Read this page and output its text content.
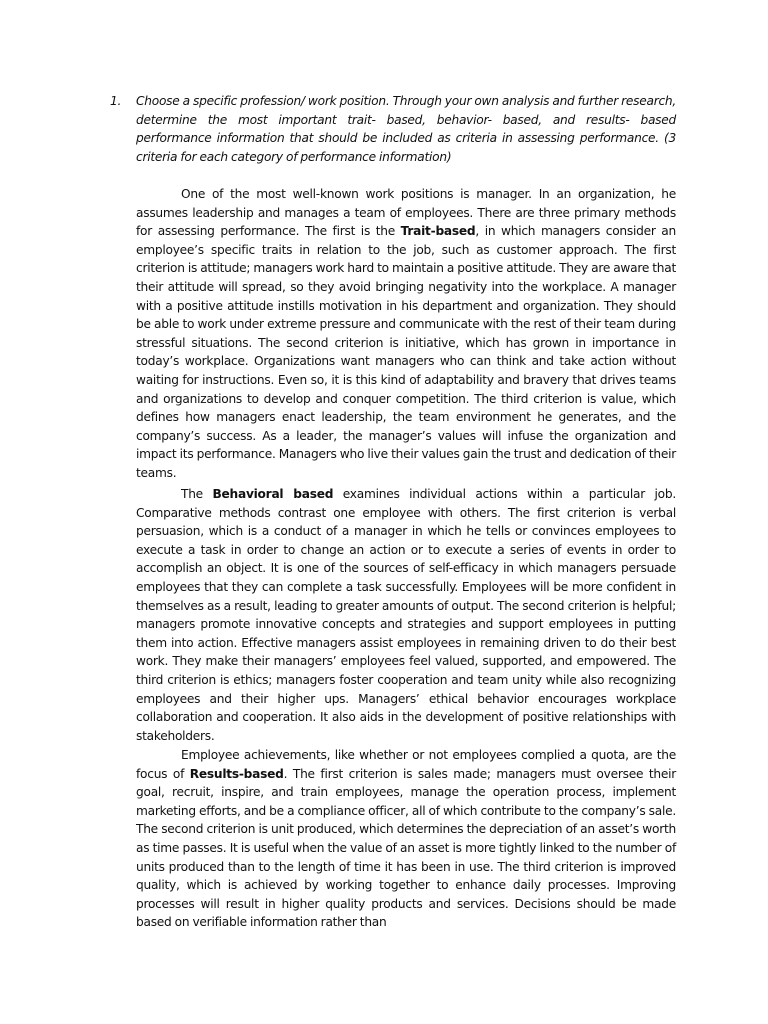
1.	Choose a specific profession/ work position. Through your own analysis and further research, determine the most important trait- based, behavior- based, and results- based performance information that should be included as criteria in assessing performance. (3 criteria for each category of performance information)

One of the most well-known work positions is manager. In an organization, he assumes leadership and manages a team of employees. There are three primary methods for assessing performance. The first is the Trait-based, in which managers consider an employee’s specific traits in relation to the job, such as customer approach. The first criterion is attitude; managers work hard to maintain a positive attitude. They are aware that their attitude will spread, so they avoid bringing negativity into the workplace. A manager with a positive attitude instills motivation in his department and organization. They should be able to work under extreme pressure and communicate with the rest of their team during stressful situations. The second criterion is initiative, which has grown in importance in today’s workplace. Organizations want managers who can think and take action without waiting for instructions. Even so, it is this kind of adaptability and bravery that drives teams and organizations to develop and conquer competition. The third criterion is value, which defines how managers enact leadership, the team environment he generates, and the company’s success. As a leader, the manager’s values will infuse the organization and impact its performance. Managers who live their values gain the trust and dedication of their teams.

The Behavioral based examines individual actions within a particular job. Comparative methods contrast one employee with others. The first criterion is verbal persuasion, which is a conduct of a manager in which he tells or convinces employees to execute a task in order to change an action or to execute a series of events in order to accomplish an object. It is one of the sources of self-efficacy in which managers persuade employees that they can complete a task successfully. Employees will be more confident in themselves as a result, leading to greater amounts of output. The second criterion is helpful; managers promote innovative concepts and strategies and support employees in putting them into action. Effective managers assist employees in remaining driven to do their best work. They make their managers’ employees feel valued, supported, and empowered. The third criterion is ethics; managers foster cooperation and team unity while also recognizing employees and their higher ups. Managers’ ethical behavior encourages workplace collaboration and cooperation. It also aids in the development of positive relationships with stakeholders.

Employee achievements, like whether or not employees complied a quota, are the focus of Results-based. The first criterion is sales made; managers must oversee their goal, recruit, inspire, and train employees, manage the operation process, implement marketing efforts, and be a compliance officer, all of which contribute to the company’s sale. The second criterion is unit produced, which determines the depreciation of an asset’s worth as time passes. It is useful when the value of an asset is more tightly linked to the number of units produced than to the length of time it has been in use. The third criterion is improved quality, which is achieved by working together to enhance daily processes. Improving processes will result in higher quality products and services. Decisions should be made based on verifiable information rather than
